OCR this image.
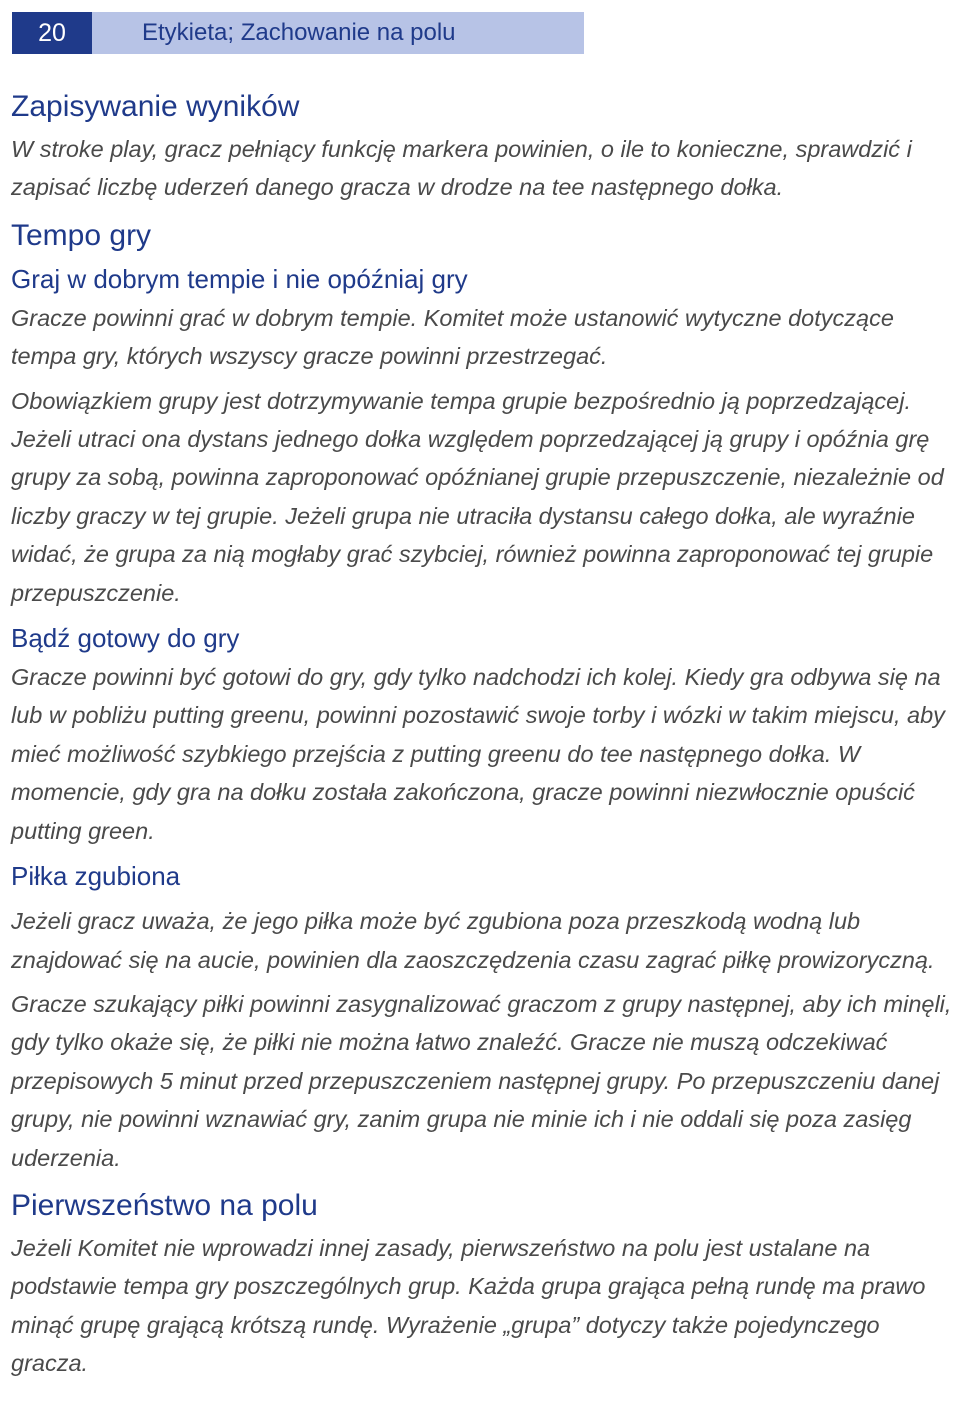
20	Etykieta; Zachowanie na polu
Zapisywanie wyników

W stroke play, gracz pełniący funkcję markera powinien, o ile to konieczne, sprawdzić i zapisać liczbę uderzeń danego gracza w drodze na tee następnego dołka.

Tempo gry
Graj w dobrym tempie i nie opóźniaj gry

Gracze powinni grać w dobrym tempie. Komitet może ustanowić wytyczne dotyczące tempa gry, których wszyscy gracze powinni przestrzegać.

Obowiązkiem grupy jest dotrzymywanie tempa grupie bezpośrednio ją poprzedzającej. Jeżeli utraci ona dystans jednego dołka względem poprzedzającej ją grupy i opóźnia grę grupy za sobą, powinna zaproponować opóźnianej grupie przepuszczenie, niezależnie od liczby graczy w tej grupie. Jeżeli grupa nie utraciła dystansu całego dołka, ale wyraźnie widać, że grupa za nią mogłaby grać szybciej, również powinna zaproponować tej grupie przepuszczenie.

Bądź gotowy do gry

Gracze powinni być gotowi do gry, gdy tylko nadchodzi ich kolej. Kiedy gra odbywa się na lub w pobliżu putting greenu, powinni pozostawić swoje torby i wózki w takim miejscu, aby mieć możliwość szybkiego przejścia z putting greenu do tee następnego dołka. W momencie, gdy gra na dołku została zakończona, gracze powinni niezwłocznie opuścić putting green.

Piłka zgubiona

Jeżeli gracz uważa, że jego piłka może być zgubiona poza przeszkodą wodną lub znajdować się na aucie, powinien dla zaoszczędzenia czasu zagrać piłkę prowizoryczną.

Gracze szukający piłki powinni zasygnalizować graczom z grupy następnej, aby ich minęli, gdy tylko okaże się, że piłki nie można łatwo znaleźć. Gracze nie muszą odczekiwać przepisowych 5 minut przed przepuszczeniem następnej grupy. Po przepuszczeniu danej grupy, nie powinni wznawiać gry, zanim grupa nie minie ich i nie oddali się poza zasięg uderzenia.

Pierwszeństwo na polu

Jeżeli Komitet nie wprowadzi innej zasady, pierwszeństwo na polu jest ustalane na podstawie tempa gry poszczególnych grup. Każda grupa grająca pełną rundę ma prawo minąć grupę grającą krótszą rundę. Wyrażenie „grupa” dotyczy także pojedynczego gracza.
